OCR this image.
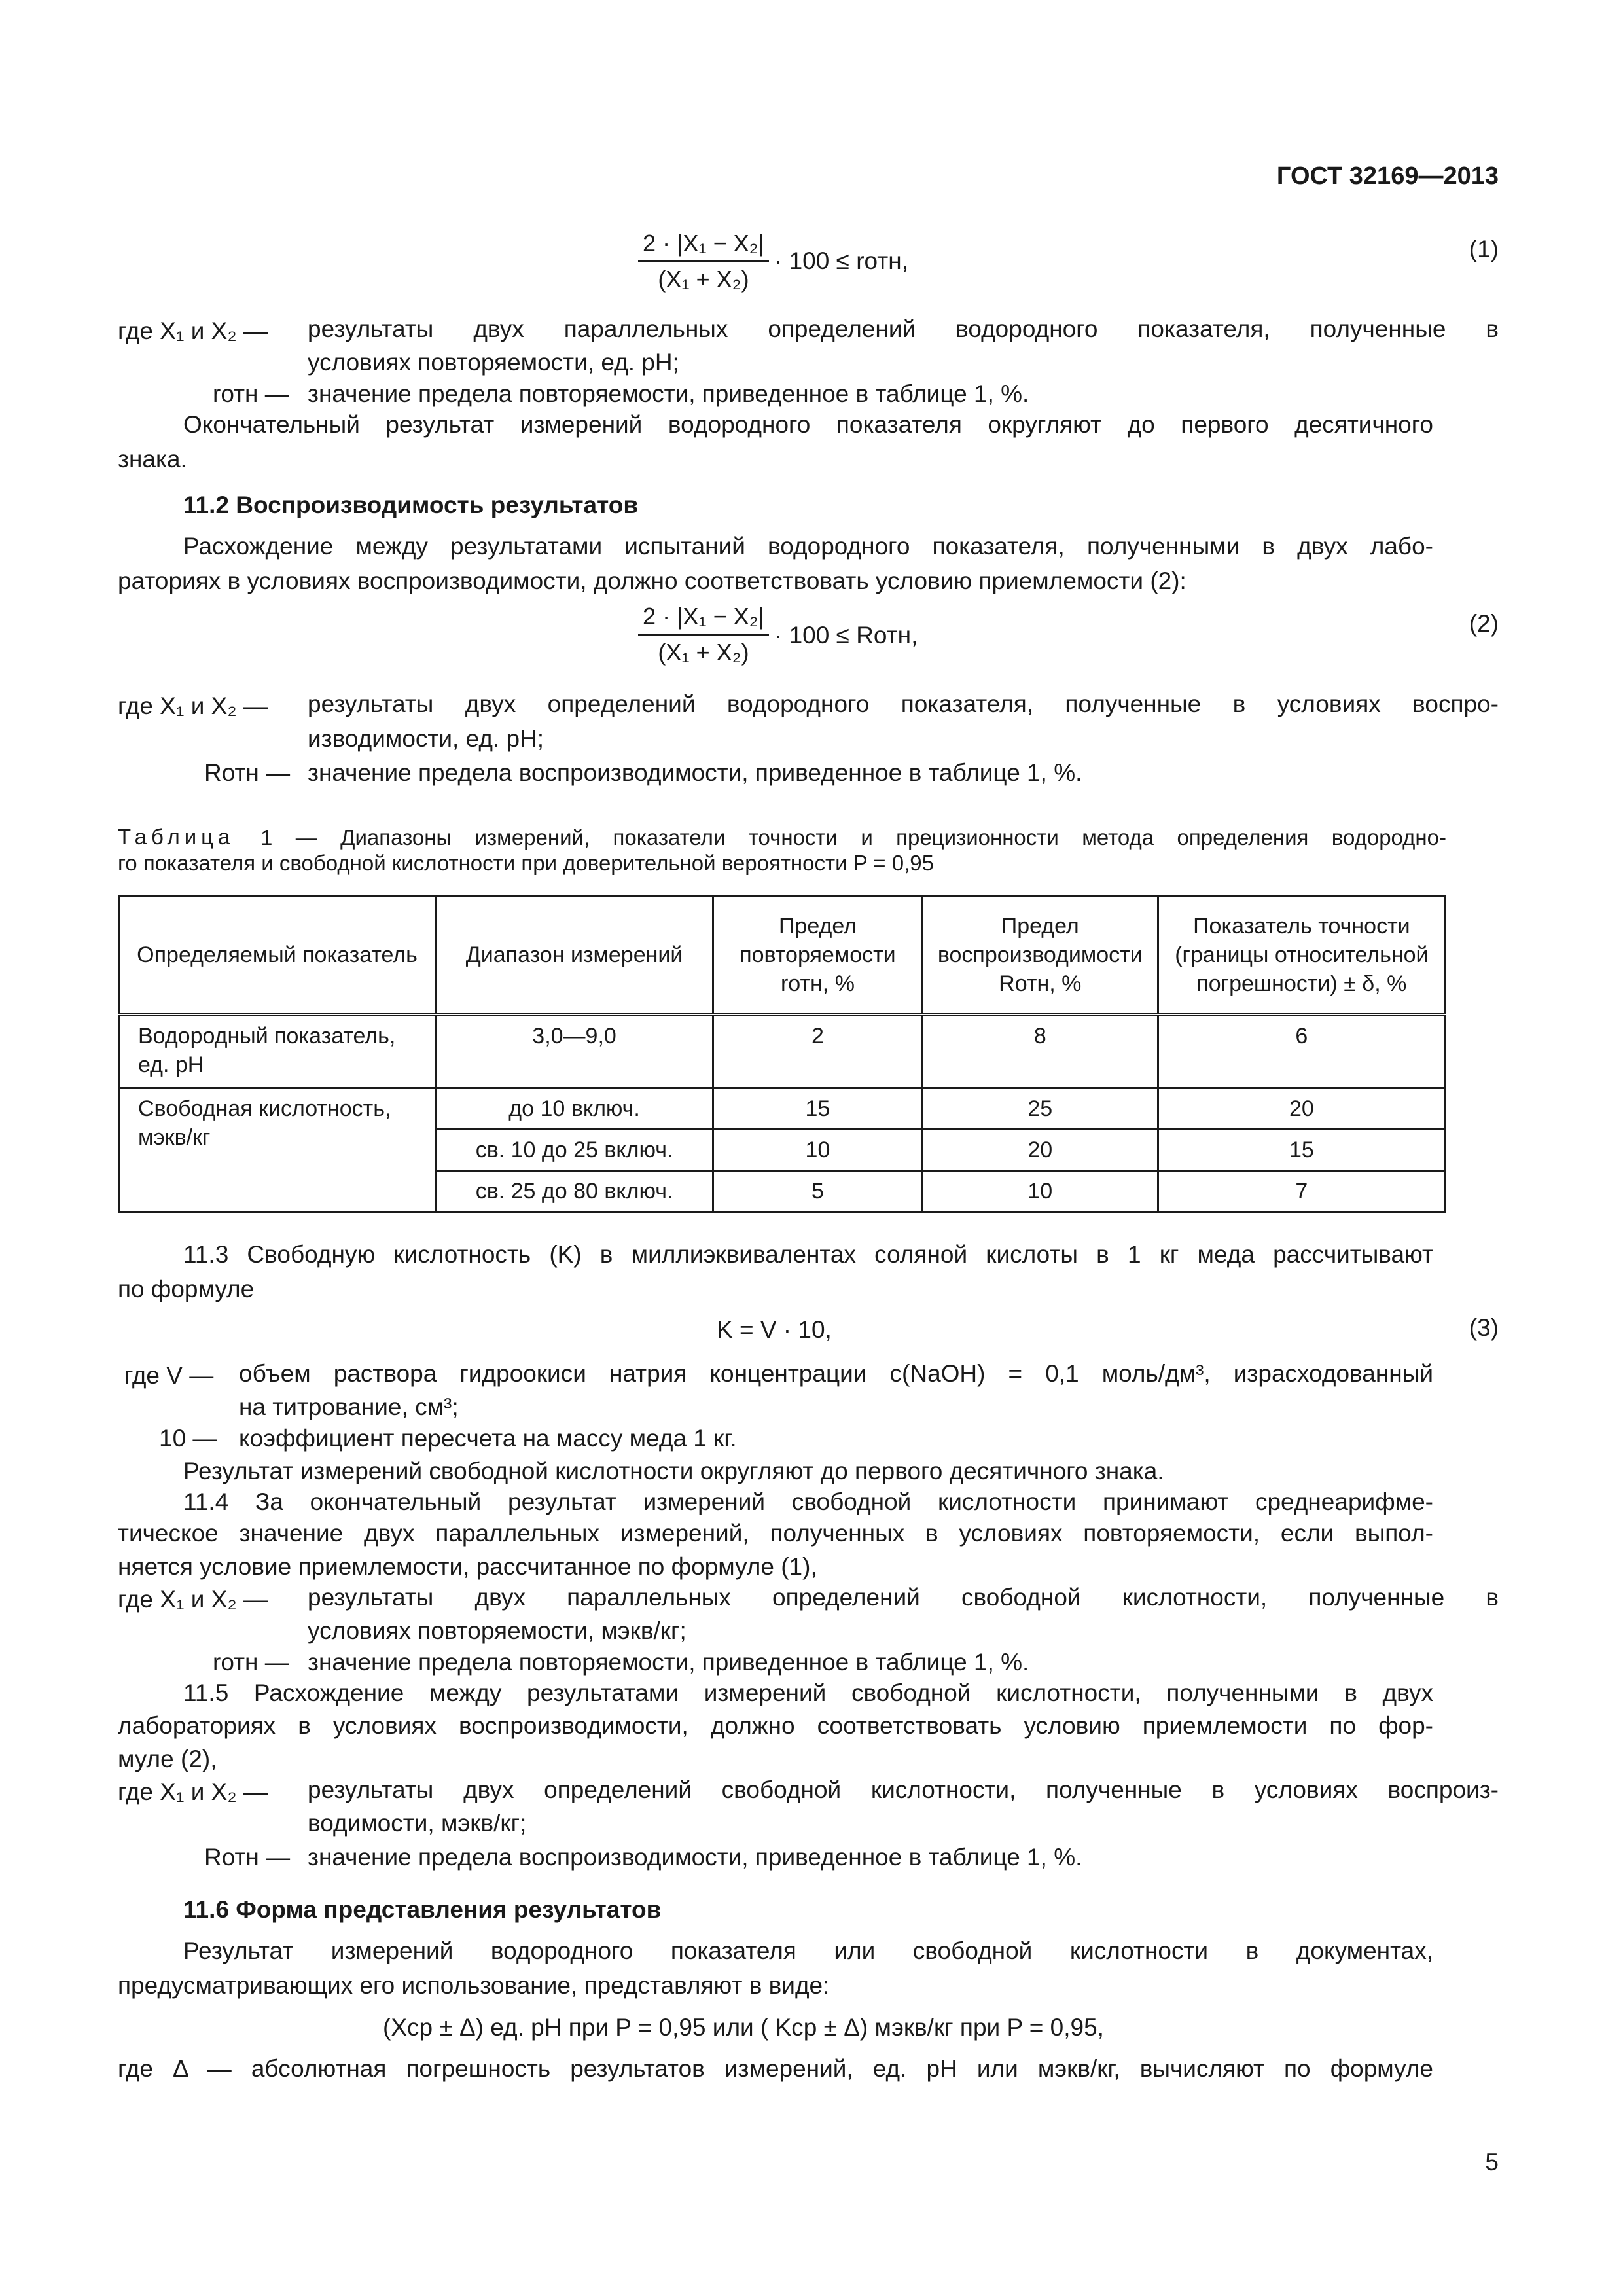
ГОСТ 32169—2013
2 · |X₁ − X₂|
(X₁ + X₂)
· 100 ≤ rотн,	(1)
где X₁ и X₂ — результаты двух параллельных определений водородного показателя, полученные в
условиях повторяемости, ед. pH;
rотн — значение предела повторяемости, приведенное в таблице 1, %.
Окончательный результат измерений водородного показателя округляют до первого десятичного
знака.
11.2 Воспроизводимость результатов
Расхождение между результатами испытаний водородного показателя, полученными в двух лабо-
раториях в условиях воспроизводимости, должно соответствовать условию приемлемости (2):
2 · |X₁ − X₂|
(X₁ + X₂)
· 100 ≤ Rотн,	(2)
где X₁ и X₂ — результаты двух определений водородного показателя, полученные в условиях воспро-
изводимости, ед. pH;
Rотн — значение предела воспроизводимости, приведенное в таблице 1, %.
Таблица 1 — Диапазоны измерений, показатели точности и прецизионности метода определения водородно-
го показателя и свободной кислотности при доверительной вероятности P = 0,95
Определяемый показатель	Диапазон измерений	Предел повторяемости rотн, %	Предел воспроизводимости Rотн, %	Показатель точности (границы относительной погрешности) ± δ, %
Водородный показатель, ед. pH	3,0—9,0	2	8	6
Свободная кислотность, мэкв/кг	до 10 включ.	15	25	20
	св. 10 до 25 включ.	10	20	15
	св. 25 до 80 включ.	5	10	7
11.3 Свободную кислотность (K) в миллиэквивалентах соляной кислоты в 1 кг меда рассчитывают
по формуле
K = V · 10,	(3)
где V — объем раствора гидроокиси натрия концентрации c(NaOH) = 0,1 моль/дм³, израсходованный
на титрование, см³;
10 — коэффициент пересчета на массу меда 1 кг.
Результат измерений свободной кислотности округляют до первого десятичного знака.
11.4 За окончательный результат измерений свободной кислотности принимают среднеарифме-
тическое значение двух параллельных измерений, полученных в условиях повторяемости, если выпол-
няется условие приемлемости, рассчитанное по формуле (1),
где X₁ и X₂ — результаты двух параллельных определений свободной кислотности, полученные в
условиях повторяемости, мэкв/кг;
rотн — значение предела повторяемости, приведенное в таблице 1, %.
11.5 Расхождение между результатами измерений свободной кислотности, полученными в двух
лабораториях в условиях воспроизводимости, должно соответствовать условию приемлемости по фор-
муле (2),
где X₁ и X₂ — результаты двух определений свободной кислотности, полученные в условиях воспроиз-
водимости, мэкв/кг;
Rотн — значение предела воспроизводимости, приведенное в таблице 1, %.
11.6 Форма представления результатов
Результат измерений водородного показателя или свободной кислотности в документах,
предусматривающих его использование, представляют в виде:
(Xср ± Δ) ед. pH при P = 0,95 или ( Kср ± Δ) мэкв/кг при P = 0,95,
где Δ — абсолютная погрешность результатов измерений, ед. pH или мэкв/кг, вычисляют по формуле
5
